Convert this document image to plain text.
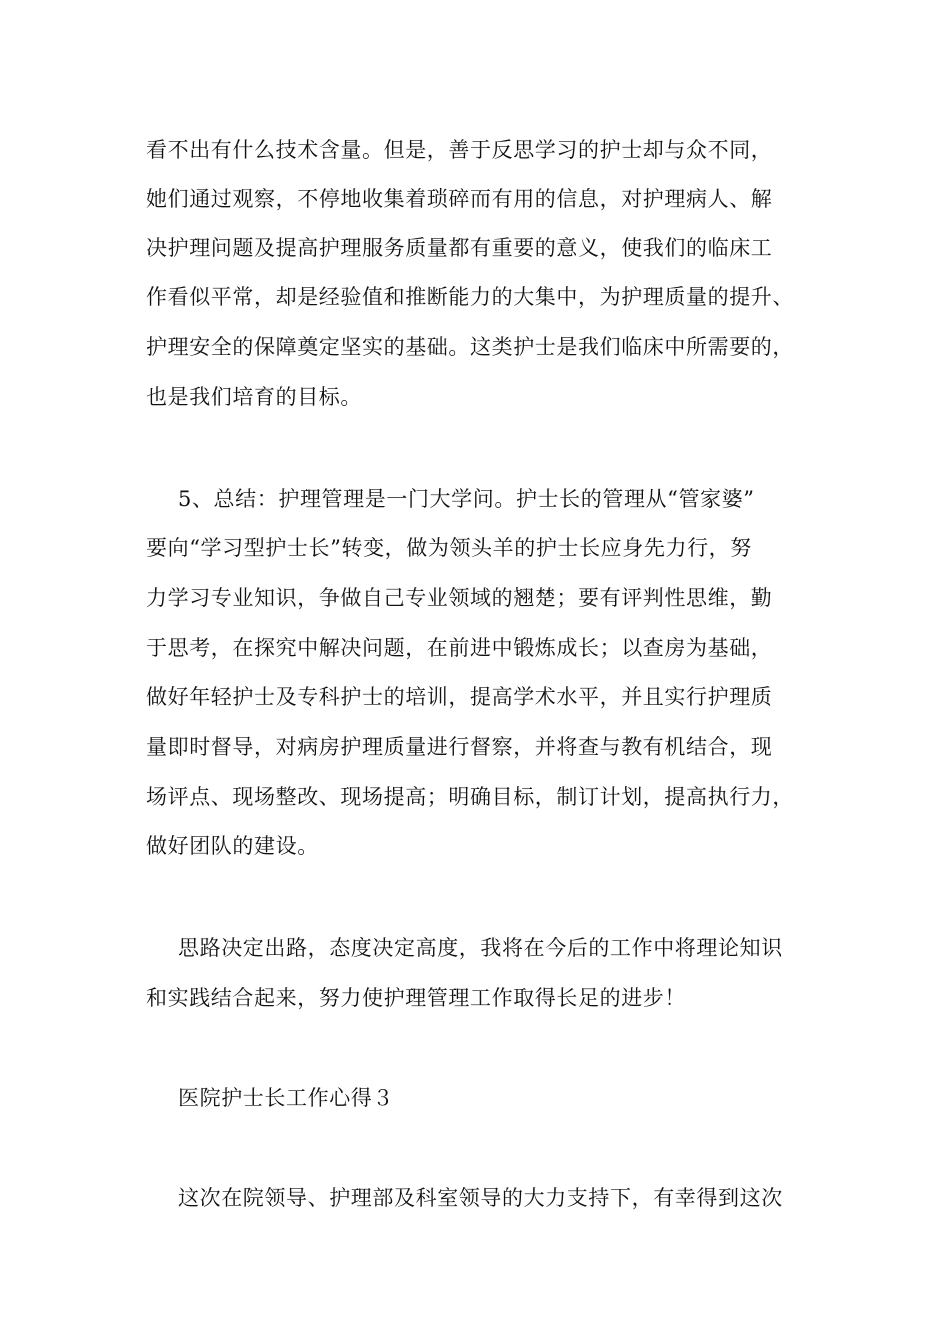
看不出有什么技术含量。但是，善于反思学习的护士却与众不同，
她们通过观察，不停地收集着琐碎而有用的信息，对护理病人、解
决护理问题及提高护理服务质量都有重要的意义，使我们的临床工
作看似平常，却是经验值和推断能力的大集中，为护理质量的提升、
护理安全的保障奠定坚实的基础。这类护士是我们临床中所需要的，
也是我们培育的目标。
5、总结：护理管理是一门大学问。护士长的管理从“管家婆”
要向“学习型护士长”转变，做为领头羊的护士长应身先力行，努
力学习专业知识，争做自己专业领域的翘楚；要有评判性思维，勤
于思考，在探究中解决问题，在前进中锻炼成长；以查房为基础，
做好年轻护士及专科护士的培训，提高学术水平，并且实行护理质
量即时督导，对病房护理质量进行督察，并将查与教有机结合，现
场评点、现场整改、现场提高；明确目标，制订计划，提高执行力，
做好团队的建设。
思路决定出路，态度决定高度，我将在今后的工作中将理论知识
和实践结合起来，努力使护理管理工作取得长足的进步！
医院护士长工作心得３
这次在院领导、护理部及科室领导的大力支持下，有幸得到这次
